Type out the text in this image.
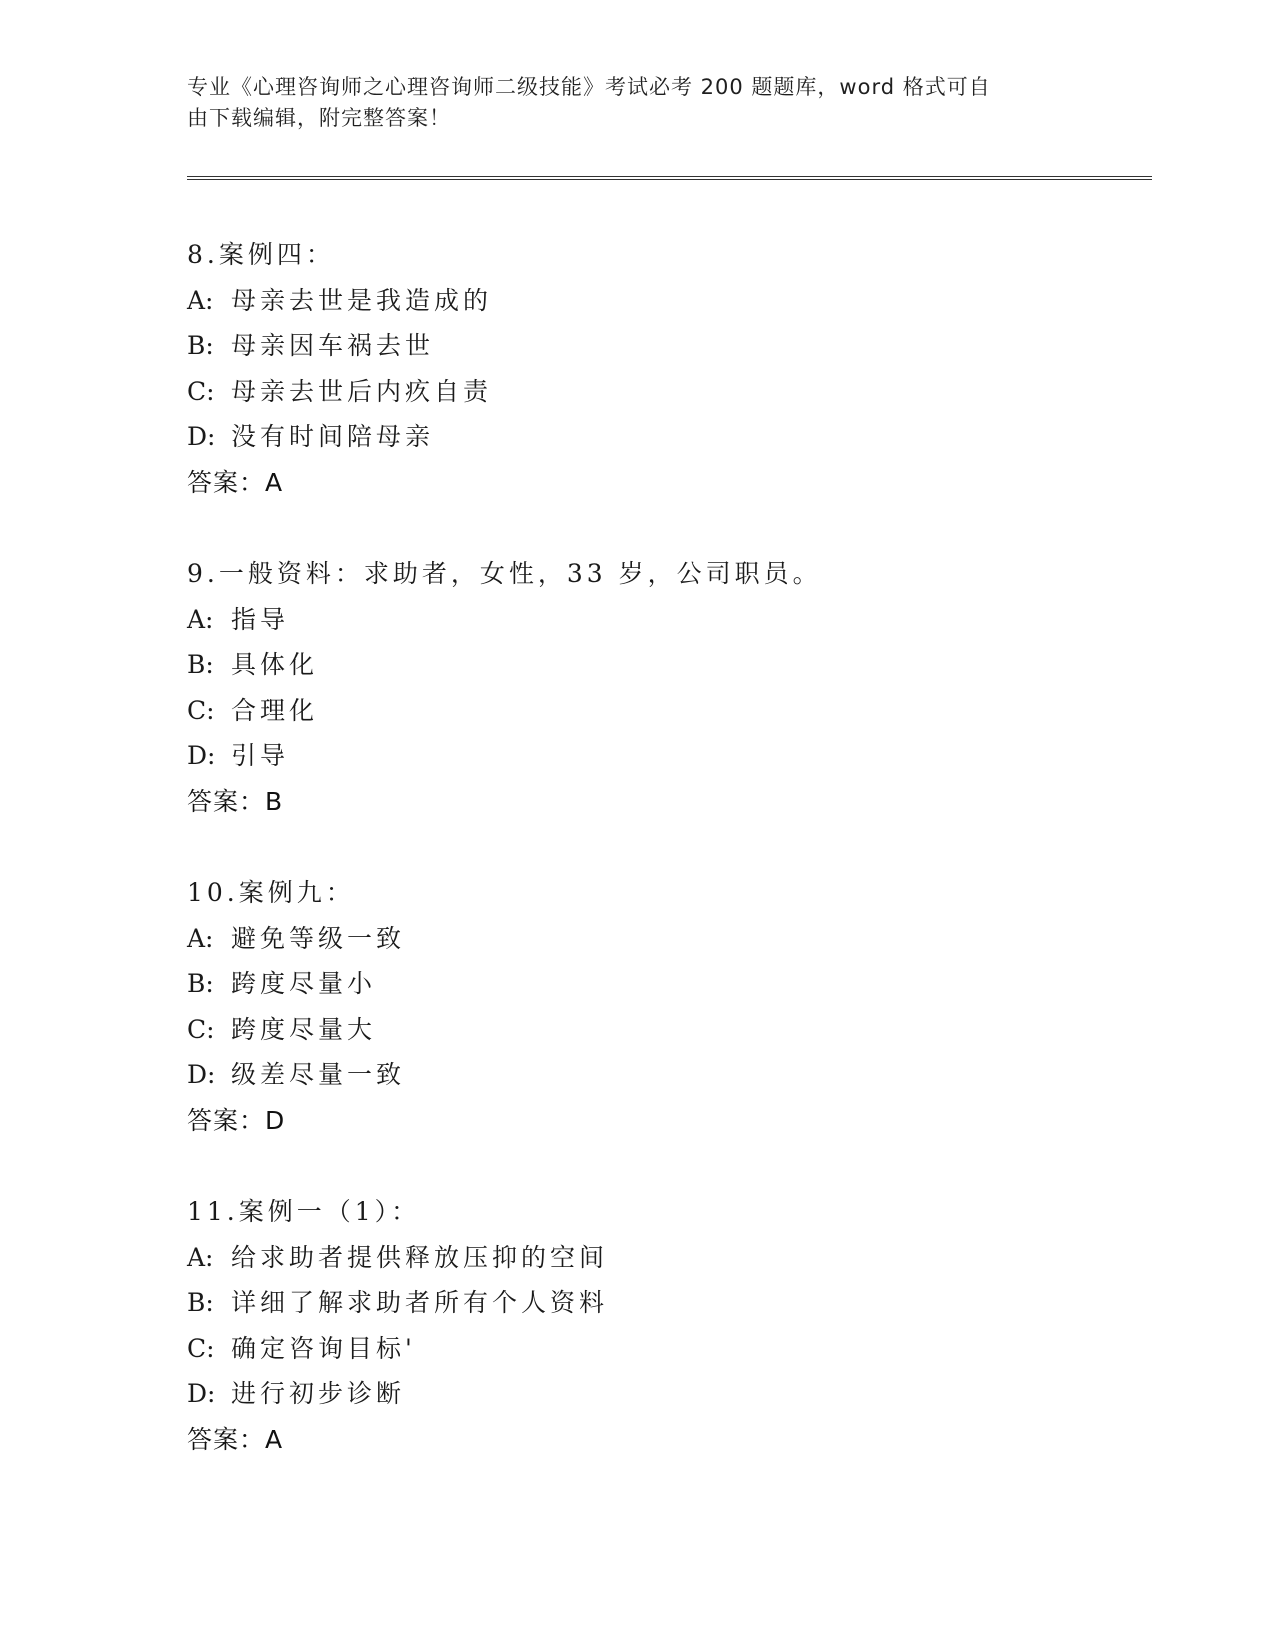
专业《心理咨询师之心理咨询师二级技能》考试必考 200 题题库，word 格式可自
由下载编辑，附完整答案！
8.案例四：
A: 母亲去世是我造成的
B: 母亲因车祸去世
C: 母亲去世后内疚自责
D: 没有时间陪母亲
答案：A
9.一般资料：求助者，女性，33 岁，公司职员。
A: 指导
B: 具体化
C: 合理化
D: 引导
答案：B
10.案例九：
A: 避免等级一致
B: 跨度尽量小
C: 跨度尽量大
D: 级差尽量一致
答案：D
11.案例一（1）：
A: 给求助者提供释放压抑的空间
B: 详细了解求助者所有个人资料
C: 确定咨询目标'
D: 进行初步诊断
答案：A
